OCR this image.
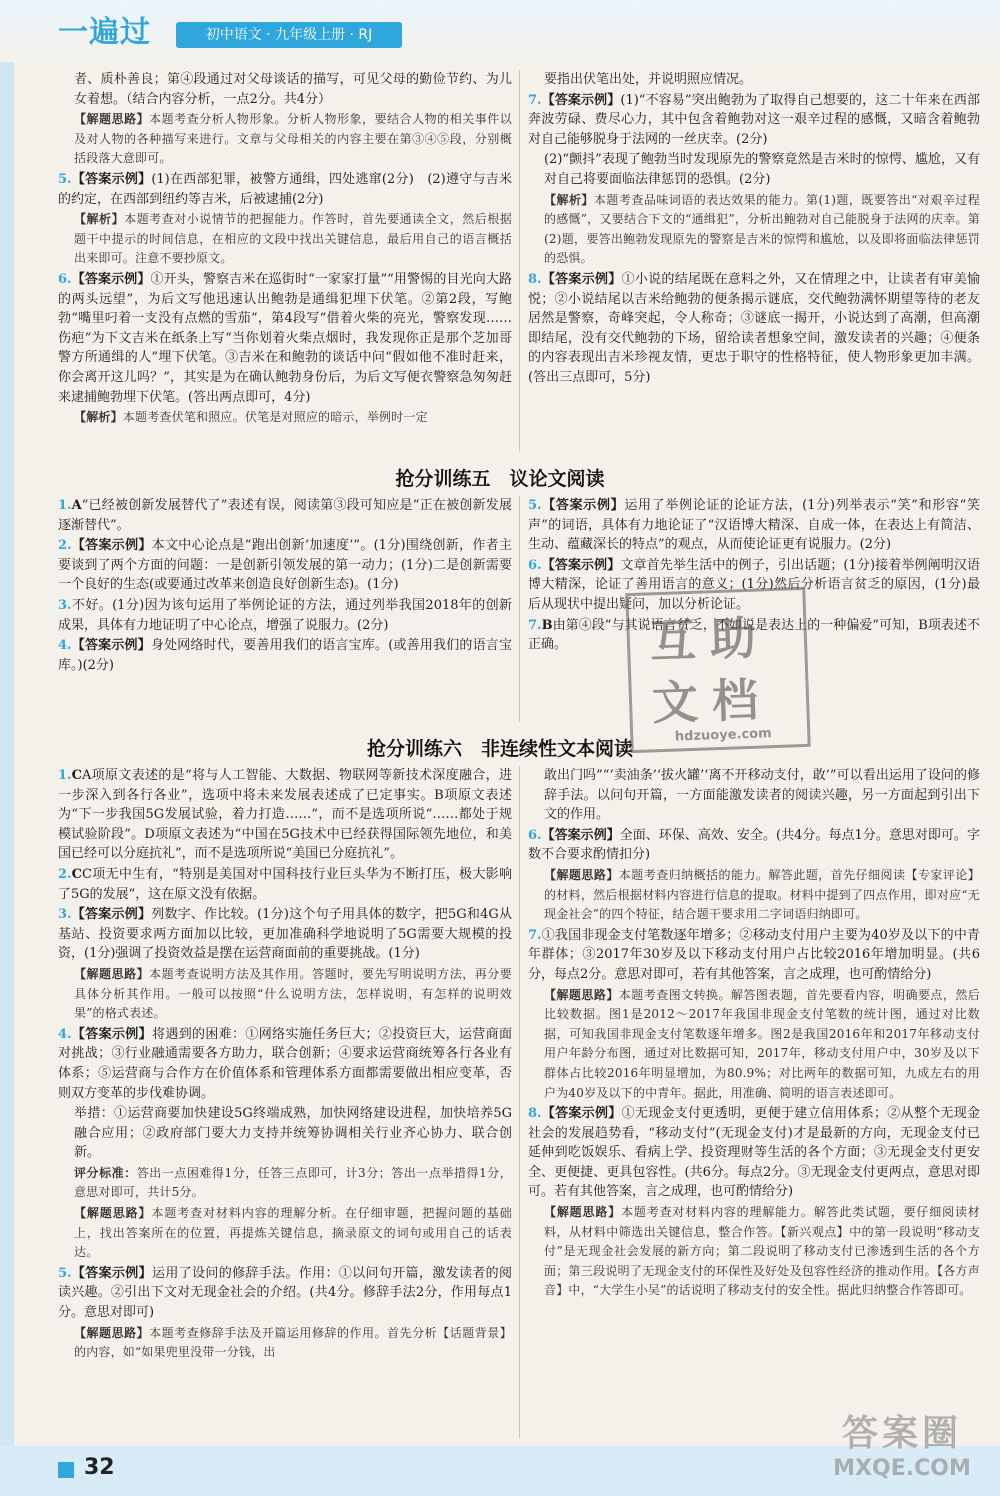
一遍过	初中语文 · 九年级上册 · RJ
者、质朴善良；第④段通过对父母谈话的描写，可见父母的勤俭节约、为儿女着想。（结合内容分析，一点2分。共4分）
【解题思路】本题考查分析人物形象。分析人物形象，要结合人物的相关事件以及对人物的各种描写来进行。文章与父母相关的内容主要在第③④⑤段，分别概括段落大意即可。
5.【答案示例】(1)在西部犯罪，被警方通缉，四处逃窜(2分)　(2)遵守与吉米的约定，在西部到纽约等吉米，后被逮捕(2分)
【解析】本题考查对小说情节的把握能力。作答时，首先要通读全文，然后根据题干中提示的时间信息，在相应的文段中找出关键信息，最后用自己的语言概括出来即可。注意不要抄原文。
6.【答案示例】①开头，警察吉米在巡街时“一家家打量”“用警惕的目光向大路的两头远望”，为后文写他迅速认出鲍勃是通缉犯埋下伏笔。②第2段，写鲍勃“嘴里叼着一支没有点燃的雪茄”，第4段写“借着火柴的亮光，警察发现……伤疤”为下文吉米在纸条上写“当你划着火柴点烟时，我发现你正是那个芝加哥警方所通缉的人”埋下伏笔。③吉米在和鲍勃的谈话中问“假如他不准时赶来，你会离开这儿吗？”，其实是为在确认鲍勃身份后，为后文写便衣警察急匆匆赶来逮捕鲍勃埋下伏笔。(答出两点即可，4分)
【解析】本题考查伏笔和照应。伏笔是对照应的暗示，举例时一定
要指出伏笔出处，并说明照应情况。
7.【答案示例】(1)“不容易”突出鲍勃为了取得自己想要的，这二十年来在西部奔波劳碌、费尽心力，其中包含着鲍勃对这一艰辛过程的感慨，又暗含着鲍勃对自己能够脱身于法网的一丝庆幸。(2分)
(2)“颤抖”表现了鲍勃当时发现原先的警察竟然是吉米时的惊愕、尴尬，又有对自己将要面临法律惩罚的恐惧。(2分)
【解析】本题考查品味词语的表达效果的能力。第(1)题，既要答出“对艰辛过程的感慨”，又要结合下文的“通缉犯”，分析出鲍勃对自己能脱身于法网的庆幸。第(2)题，要答出鲍勃发现原先的警察是吉米的惊愕和尴尬，以及即将面临法律惩罚的恐惧。
8.【答案示例】①小说的结尾既在意料之外，又在情理之中，让读者有审美愉悦；②小说结尾以吉米给鲍勃的便条揭示谜底，交代鲍勃满怀期望等待的老友居然是警察，奇峰突起，令人称奇；③谜底一揭开，小说达到了高潮，但高潮即结尾，没有交代鲍勃的下场，留给读者想象空间，激发读者的兴趣；④便条的内容表现出吉米珍视友情，更忠于职守的性格特征，使人物形象更加丰满。(答出三点即可，5分)
抢分训练五　议论文阅读
1.A“已经被创新发展替代了”表述有误，阅读第③段可知应是“正在被创新发展逐渐替代”。
2.【答案示例】本文中心论点是“跑出创新‘加速度’”。(1分)围绕创新，作者主要谈到了两个方面的问题：一是创新引领发展的第一动力；(1分)二是创新需要一个良好的生态(或要通过改革来创造良好创新生态)。(1分)
3.不好。(1分)因为该句运用了举例论证的方法，通过列举我国2018年的创新成果，具体有力地证明了中心论点，增强了说服力。(2分)
4.【答案示例】身处网络时代，要善用我们的语言宝库。(或善用我们的语言宝库。)(2分)
5.【答案示例】运用了举例论证的论证方法，(1分)列举表示“笑”和形容“笑声”的词语，具体有力地论证了“汉语博大精深、自成一体，在表达上有简洁、生动、蕴藏深长的特点”的观点，从而使论证更有说服力。(2分)
6.【答案示例】文章首先举生活中的例子，引出话题；(1分)接着举例阐明汉语博大精深，论证了善用语言的意义；(1分)然后分析语言贫乏的原因，(1分)最后从现状中提出疑问，加以分析论证。
7.B由第④段“与其说语言贫乏，不如说是表达上的一种偏爱”可知，B项表述不正确。
抢分训练六　非连续性文本阅读
1.CA项原文表述的是“将与人工智能、大数据、物联网等新技术深度融合，进一步深入到各行各业”，选项中将未来发展表述成了已定事实。B项原文表述为“下一步我国5G发展试验，着力打造……”，而不是选项所说“……都处于规模试验阶段”。D项原文表述为“中国在5G技术中已经获得国际领先地位，和美国已经可以分庭抗礼”，而不是选项所说“美国已分庭抗礼”。
2.CC项无中生有，“特别是美国对中国科技行业巨头华为不断打压，极大影响了5G的发展”，这在原文没有依据。
3.【答案示例】列数字、作比较。(1分)这个句子用具体的数字，把5G和4G从基站、投资要求两方面加以比较，更加准确科学地说明了5G需要大规模的投资，(1分)强调了投资效益是摆在运营商面前的重要挑战。(1分)
【解题思路】本题考查说明方法及其作用。答题时，要先写明说明方法，再分要具体分析其作用。一般可以按照“什么说明方法，怎样说明，有怎样的说明效果”的格式表述。
4.【答案示例】将遇到的困难：①网络实施任务巨大；②投资巨大，运营商面对挑战；③行业融通需要各方助力，联合创新；④要求运营商统筹各行各业有体系；⑤运营商与合作方在价值体系和管理体系方面都需要做出相应变革，否则双方变革的步伐难协调。
举措：①运营商要加快建设5G终端成熟，加快网络建设进程，加快培养5G融合应用；②政府部门要大力支持并统筹协调相关行业齐心协力、联合创新。
评分标准：答出一点困难得1分，任答三点即可，计3分；答出一点举措得1分，意思对即可，共计5分。
【解题思路】本题考查对材料内容的理解分析。在仔细审题，把握问题的基础上，找出答案所在的位置，再提炼关键信息，摘录原文的词句或用自己的话表达。
5.【答案示例】运用了设问的修辞手法。作用：①以问句开篇，激发读者的阅读兴趣。②引出下文对无现金社会的介绍。(共4分。修辞手法2分，作用每点1分。意思对即可)
【解题思路】本题考查修辞手法及开篇运用修辞的作用。首先分析【话题背景】的内容，如“如果兜里没带一分钱，出
敢出门吗”“‘卖油条’‘拔火罐’‘离不开移动支付，敢’”可以看出运用了设问的修辞手法。以问句开篇，一方面能激发读者的阅读兴趣，另一方面起到引出下文的作用。
6.【答案示例】全面、环保、高效、安全。(共4分。每点1分。意思对即可。字数不合要求酌情扣分)
【解题思路】本题考查归纳概括的能力。解答此题，首先仔细阅读【专家评论】的材料，然后根据材料内容进行信息的提取。材料中提到了四点作用，即对应“无现金社会”的四个特征，结合题干要求用二字词语归纳即可。
7.①我国非现金支付笔数逐年增多；②移动支付用户主要为40岁及以下的中青年群体；③2017年30岁及以下移动支付用户占比较2016年增加明显。(共6分，每点2分。意思对即可，若有其他答案，言之成理，也可酌情给分)
【解题思路】本题考查图文转换。解答图表题，首先要看内容，明确要点，然后比较数据。图1是2012～2017年我国非现金支付笔数的统计图，通过对比数据，可知我国非现金支付笔数逐年增多。图2是我国2016年和2017年移动支付用户年龄分布图，通过对比数据可知，2017年，移动支付用户中，30岁及以下群体占比较2016年明显增加，为80.9%；对比两年的数据可知，九成左右的用户为40岁及以下的中青年。据此，用准确、简明的语言表述即可。
8.【答案示例】①无现金支付更透明，更便于建立信用体系；②从整个无现金社会的发展趋势看，“移动支付”(无现金支付)才是最新的方向，无现金支付已延伸到吃饭娱乐、看病上学、投资理财等生活的各个方面；③无现金支付更安全、更便捷、更具包容性。(共6分。每点2分。③无现金支付更两点，意思对即可。若有其他答案，言之成理，也可酌情给分)
【解题思路】本题考查对材料内容的理解能力。解答此类试题，要仔细阅读材料，从材料中筛选出关键信息，整合作答。【新兴观点】中的第一段说明“移动支付”是无现金社会发展的新方向；第二段说明了移动支付已渗透到生活的各个方面；第三段说明了无现金支付的环保性及好处及包容性经济的推动作用。【各方声音】中，“大学生小吴”的话说明了移动支付的安全性。据此归纳整合作答即可。
互助
文档
hdzuoye.com
32
答案圈
MXQE.COM
